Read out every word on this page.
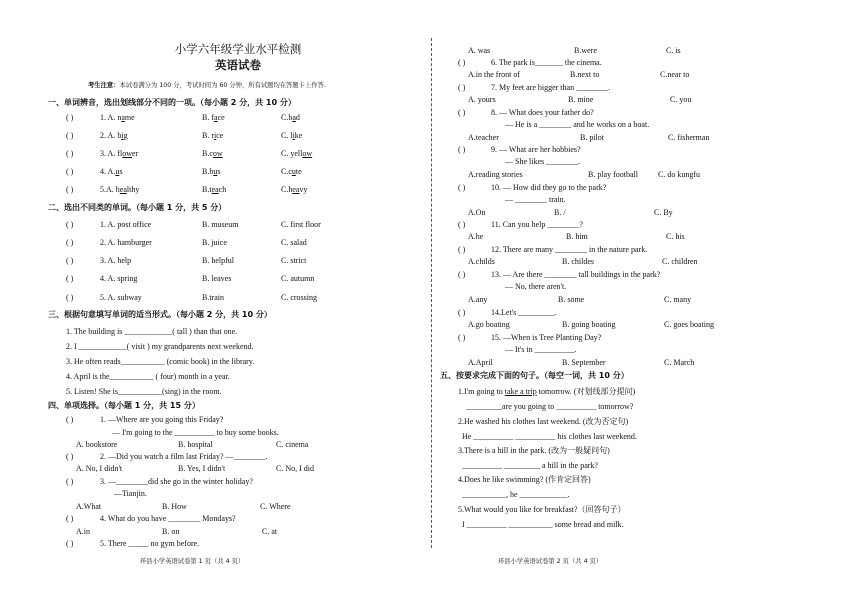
小学六年级学业水平检测
英语试卷
考生注意：本试卷满分为 100 分，考试时间为 60 分钟，所有试题均在答题卡上作答.
一、单词辨音，选出划线部分不同的一项。（每小题 2 分，共 10 分）
( )	1. A. name	B. face	C.bad
( )	2. A. big	B. rice	C. like
( )	3. A. flower	B.cow	C. yellow
( )	4. A.us	B.bus	C.cute
( )	5.A. healthy	B.teach	C.heavy
二、选出不同类的单词。（每小题 1 分，共 5 分）
( )	1. A. post office	B. museum	C. first floor
( )	2. A. hamburger	B. juice	C. salad
( )	3. A. help	B. helpful	C. strict
( )	4. A. spring	B. leaves	C. autumn
( )	5. A. subway	B.train	C. crossing
三、根据句意填写单词的适当形式。（每小题 2 分，共 10 分）
1. The building is ____________( tall ) than that one.
2. I ____________( visit ) my grandparents next weekend.
3. He often reads___________ (comic book) in the library.
4. April is the___________ ( four) month in a year.
5. Listen! She is___________(sing) in the room.
四、单项选择。（每小题 1 分，共 15 分）
( )	1. —Where are you going this Friday?
— I'm going to the __________ to buy some books.
A. bookstore	B. hospital	C. cinema
( )	2. —Did you watch a film last Friday? —________.
A. No, I didn't	B. Yes, I didn't	C. No, I did
( )	3. —________did she go in the winter holiday?
—Tianjin.
A.What	B. How	C. Where
( )	4. What do you have ________ Mondays?
A.in	B. on	C. at
( )	5. There _____ no gym before.
环县小学英语试卷第 1 页（共 4 页）
A. was	B.were	C. is
( )	6. The park is_______ the cinema.
A.in the front of	B.next to	C.near to
( )	7. My feet are bigger than ________.
A. yours	B. mine	C. you
( )	8. — What does your father do?
— He is a ________ and he works on a boat.
A.teacher	B. pilot	C. fisherman
( )	9. — What are her hobbies?
— She likes ________.
A.reading stories	B. play football	C. do kungfu
( )	10. — How did they go to the park?
— ________ train.
A.On	B. /	C. By
( )	11. Can you help ________?
A.he	B. him	C. his
( )	12. There are many ________ in the nature park.
A.childs	B. childes	C. children
( )	13. — Are there ________ tall buildings in the park?
— No, there aren't.
A.any	B. some	C. many
( )	14.Let's _________.
A.go boating	B. going boating	C. goes boating
( )	15. —When is Tree Planting Day?
— It's in __________.
A.April	B. September	C. March
五、按要求完成下面的句子。（每空一词，共 10 分）
1.I'm going to take a trip tomorrow. (对划线部分提问)
_________are you going to __________ tomorrow?
2.He washed his clothes last weekend. (改为否定句)
He __________ __________ his clothes last weekend.
3.There is a hill in the park. (改为一般疑问句)
__________ _________ a hill in the park?
4.Does he like swimming? (作肯定回答)
___________, he ____________.
5.What would you like for breakfast?（回答句子）
I __________ ___________ some bread and milk.
环县小学英语试卷第 2 页（共 4 页）
